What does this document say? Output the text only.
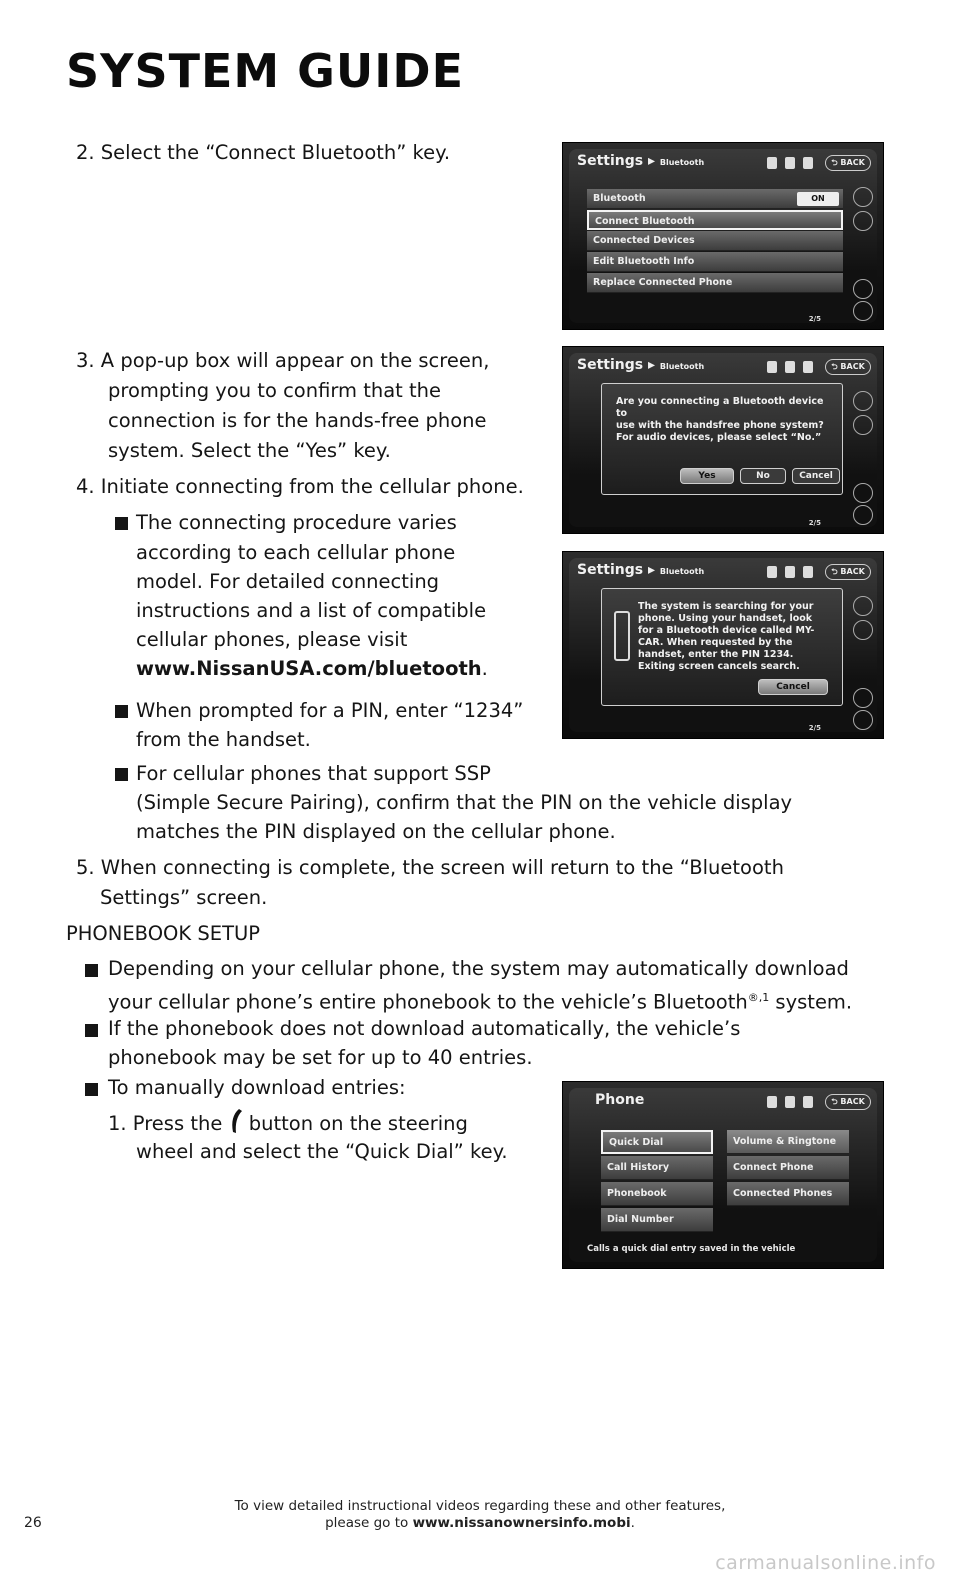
SYSTEM GUIDE
2. Select the “Connect Bluetooth” key.	Settings ▸ Bluetooth	⮌ BACK
Bluetooth	ON
Connect Bluetooth
Connected Devices
Edit Bluetooth Info
Replace Connected Phone
2/5
3. A pop-up box will appear on the screen,
prompting you to confirm that the
connection is for the hands-free phone
system. Select the “Yes” key.
Settings ▸ Bluetooth	⮌ BACK
Are you connecting a Bluetooth device to
use with the handsfree phone system?
For audio devices, please select “No.”
Yes	No	Cancel
2/5
4. Initiate connecting from the cellular phone.
The connecting procedure varies
according to each cellular phone
model. For detailed connecting
instructions and a list of compatible
cellular phones, please visit
www.NissanUSA.com/bluetooth.
Settings ▸ Bluetooth	⮌ BACK
The system is searching for your
phone. Using your handset, look
for a Bluetooth device called MY-
CAR. When requested by the
handset, enter the PIN 1234.
Exiting screen cancels search.
Cancel
2/5
When prompted for a PIN, enter “1234”
from the handset.
For cellular phones that support SSP
(Simple Secure Pairing), confirm that the PIN on the vehicle display
matches the PIN displayed on the cellular phone.
5. When connecting is complete, the screen will return to the “Bluetooth
Settings” screen.
PHONEBOOK SETUP
Depending on your cellular phone, the system may automatically download
your cellular phone’s entire phonebook to the vehicle’s Bluetooth$^{®,1}$ system.
If the phonebook does not download automatically, the vehicle’s
phonebook may be set for up to 40 entries.
To manually download entries:
1. Press the  button on the steering
wheel and select the “Quick Dial” key.
Phone	⮌ BACK
Quick Dial
Call History
Phonebook
Dial Number
Volume & Ringtone
Connect Phone
Connected Phones
Calls a quick dial entry saved in the vehicle
To view detailed instructional videos regarding these and other features,
please go to www.nissanownersinfo.mobi.
26
carmanualsonline.info
